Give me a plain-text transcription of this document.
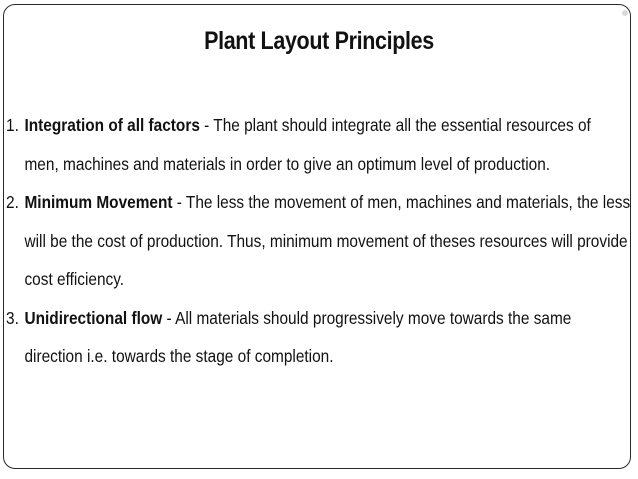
Plant Layout Principles
1. Integration of all factors - The plant should integrate all the essential resources of men, machines and materials in order to give an optimum level of production.
2. Minimum Movement - The less the movement of men, machines and materials, the less will be the cost of production. Thus, minimum movement of theses resources will provide cost efficiency.
3. Unidirectional flow - All materials should progressively move towards the same direction i.e. towards the stage of completion.
